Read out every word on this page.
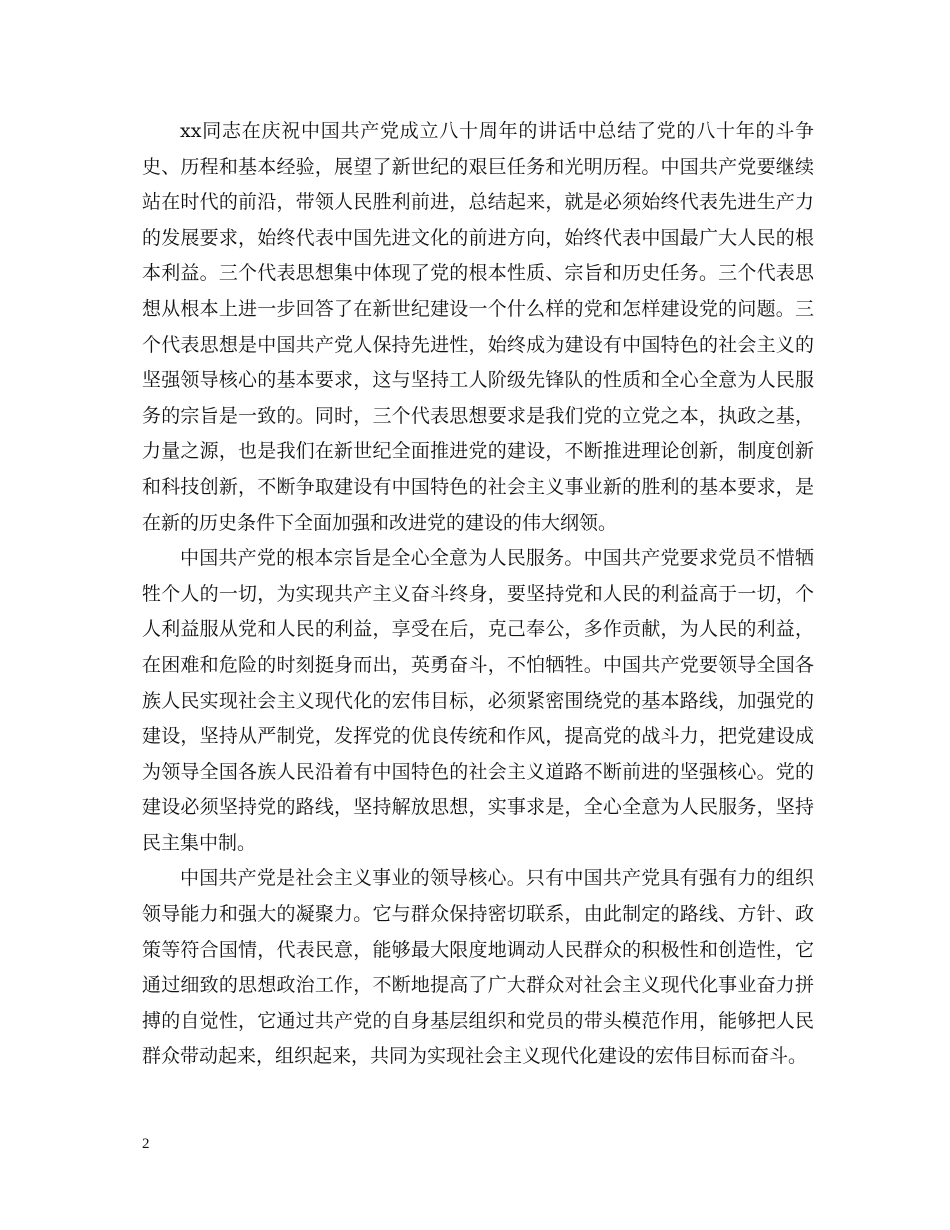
xx同志在庆祝中国共产党成立八十周年的讲话中总结了党的八十年的斗争史、历程和基本经验，展望了新世纪的艰巨任务和光明历程。中国共产党要继续站在时代的前沿，带领人民胜利前进，总结起来，就是必须始终代表先进生产力的发展要求，始终代表中国先进文化的前进方向，始终代表中国最广大人民的根本利益。三个代表思想集中体现了党的根本性质、宗旨和历史任务。三个代表思想从根本上进一步回答了在新世纪建设一个什么样的党和怎样建设党的问题。三个代表思想是中国共产党人保持先进性，始终成为建设有中国特色的社会主义的坚强领导核心的基本要求，这与坚持工人阶级先锋队的性质和全心全意为人民服务的宗旨是一致的。同时，三个代表思想要求是我们党的立党之本，执政之基，力量之源，也是我们在新世纪全面推进党的建设，不断推进理论创新，制度创新和科技创新，不断争取建设有中国特色的社会主义事业新的胜利的基本要求，是在新的历史条件下全面加强和改进党的建设的伟大纲领。

中国共产党的根本宗旨是全心全意为人民服务。中国共产党要求党员不惜牺牲个人的一切，为实现共产主义奋斗终身，要坚持党和人民的利益高于一切，个人利益服从党和人民的利益，享受在后，克己奉公，多作贡献，为人民的利益，在困难和危险的时刻挺身而出，英勇奋斗，不怕牺牲。中国共产党要领导全国各族人民实现社会主义现代化的宏伟目标，必须紧密围绕党的基本路线，加强党的建设，坚持从严制党，发挥党的优良传统和作风，提高党的战斗力，把党建设成为领导全国各族人民沿着有中国特色的社会主义道路不断前进的坚强核心。党的建设必须坚持党的路线，坚持解放思想，实事求是，全心全意为人民服务，坚持民主集中制。

中国共产党是社会主义事业的领导核心。只有中国共产党具有强有力的组织领导能力和强大的凝聚力。它与群众保持密切联系，由此制定的路线、方针、政策等符合国情，代表民意，能够最大限度地调动人民群众的积极性和创造性，它通过细致的思想政治工作，不断地提高了广大群众对社会主义现代化事业奋力拼搏的自觉性，它通过共产党的自身基层组织和党员的带头模范作用，能够把人民群众带动起来，组织起来，共同为实现社会主义现代化建设的宏伟目标而奋斗。

2
